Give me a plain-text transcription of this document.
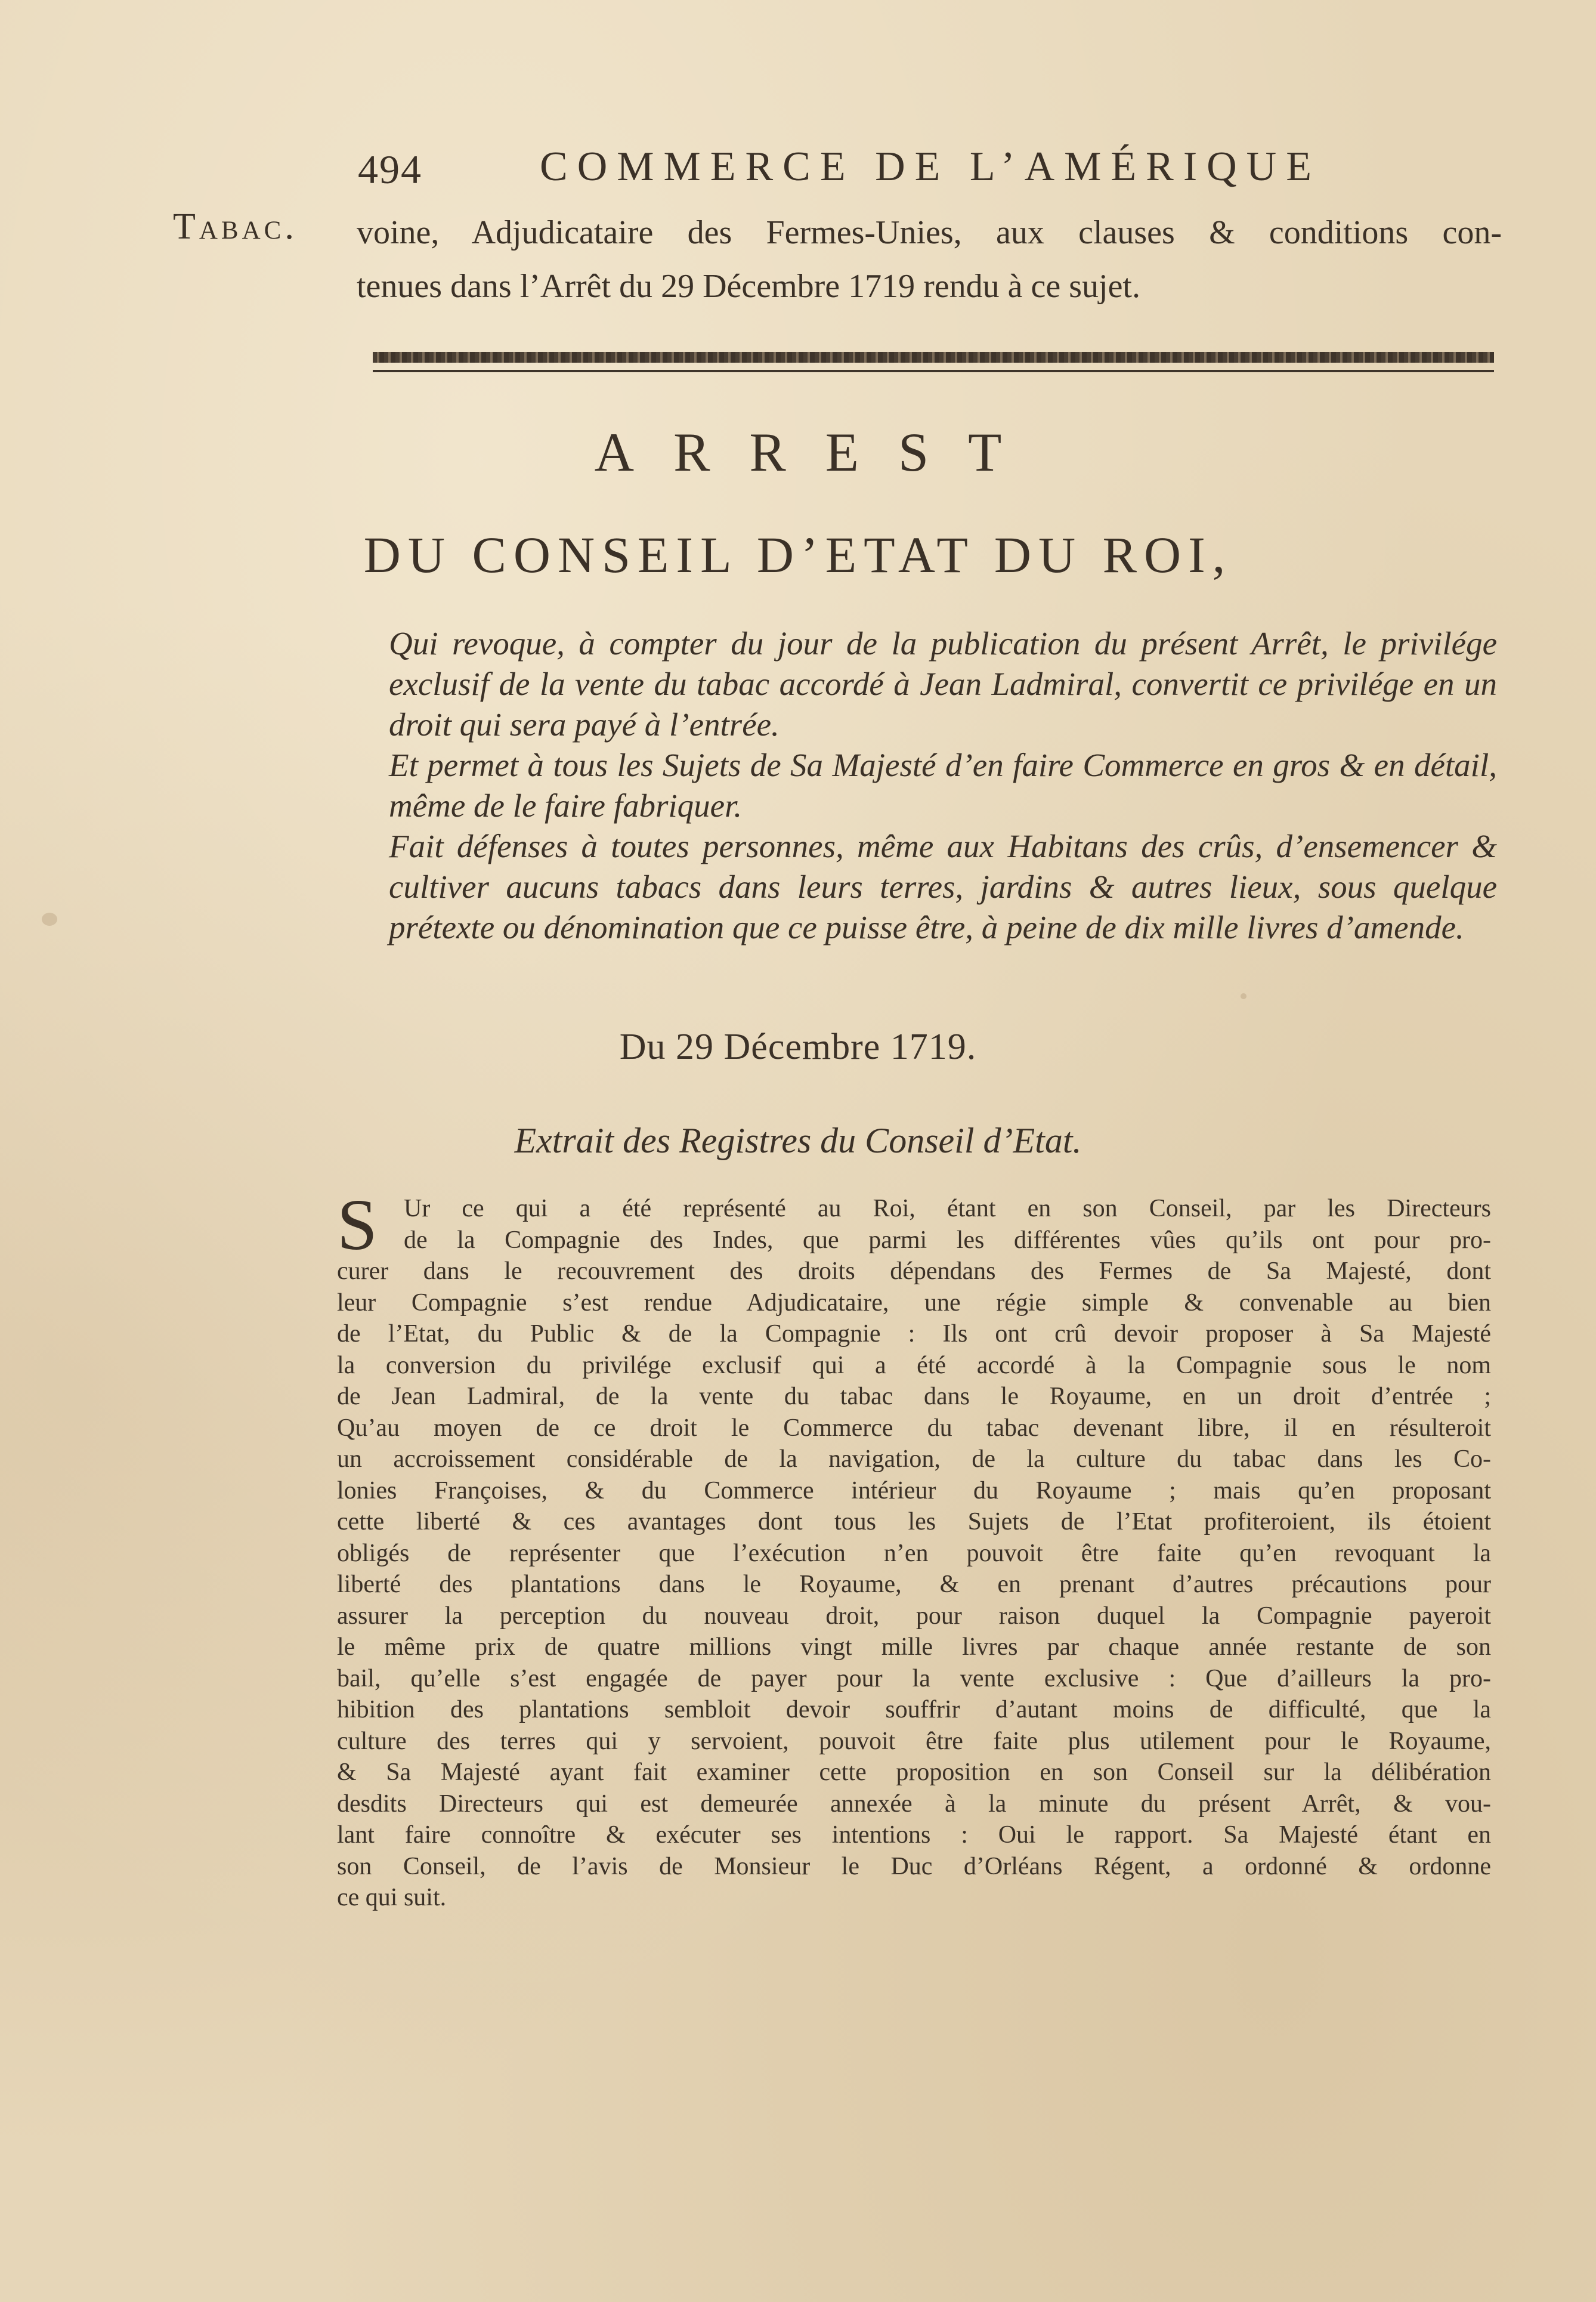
494	COMMERCE DE L’AMÉRIQUE
Tabac. voine, Adjudicataire des Fermes-Unies, aux clauses & conditions con-
tenues dans l’Arrêt du 29 Décembre 1719 rendu à ce sujet.
ARREST
DU CONSEIL D’ETAT DU ROI,

Qui revoque, à compter du jour de la publication du présent Arrêt, le privilége exclusif de la vente du tabac accordé à Jean Ladmiral, convertit ce privilége en un droit qui sera payé à l’entrée.

Et permet à tous les Sujets de Sa Majesté d’en faire Commerce en gros & en détail, même de le faire fabriquer.

Fait défenses à toutes personnes, même aux Habitans des crûs, d’ensemencer & cultiver aucuns tabacs dans leurs terres, jardins & autres lieux, sous quelque prétexte ou dénomination que ce puisse être, à peine de dix mille livres d’amende.

Du 29 Décembre 1719.
Extrait des Registres du Conseil d’Etat.
S	Ur ce qui a été représenté au Roi, étant en son Conseil, par les Directeurs
de la Compagnie des Indes, que parmi les différentes vûes qu’ils ont pour pro-
curer dans le recouvrement des droits dépendans des Fermes de Sa Majesté, dont
leur Compagnie s’est rendue Adjudicataire, une régie simple & convenable au bien
de l’Etat, du Public & de la Compagnie : Ils ont crû devoir proposer à Sa Majesté
la conversion du privilége exclusif qui a été accordé à la Compagnie sous le nom
de Jean Ladmiral, de la vente du tabac dans le Royaume, en un droit d’entrée ;
Qu’au moyen de ce droit le Commerce du tabac devenant libre, il en résulteroit
un accroissement considérable de la navigation, de la culture du tabac dans les Co-
lonies Françoises, & du Commerce intérieur du Royaume ; mais qu’en proposant
cette liberté & ces avantages dont tous les Sujets de l’Etat profiteroient, ils étoient
obligés de représenter que l’exécution n’en pouvoit être faite qu’en revoquant la
liberté des plantations dans le Royaume, & en prenant d’autres précautions pour
assurer la perception du nouveau droit, pour raison duquel la Compagnie payeroit
le même prix de quatre millions vingt mille livres par chaque année restante de son
bail, qu’elle s’est engagée de payer pour la vente exclusive : Que d’ailleurs la pro-
hibition des plantations sembloit devoir souffrir d’autant moins de difficulté, que la
culture des terres qui y servoient, pouvoit être faite plus utilement pour le Royaume,
& Sa Majesté ayant fait examiner cette proposition en son Conseil sur la délibération
desdits Directeurs qui est demeurée annexée à la minute du présent Arrêt, & vou-
lant faire connoître & exécuter ses intentions : Oui le rapport. Sa Majesté étant en
son Conseil, de l’avis de Monsieur le Duc d’Orléans Régent, a ordonné & ordonne
ce qui suit.
